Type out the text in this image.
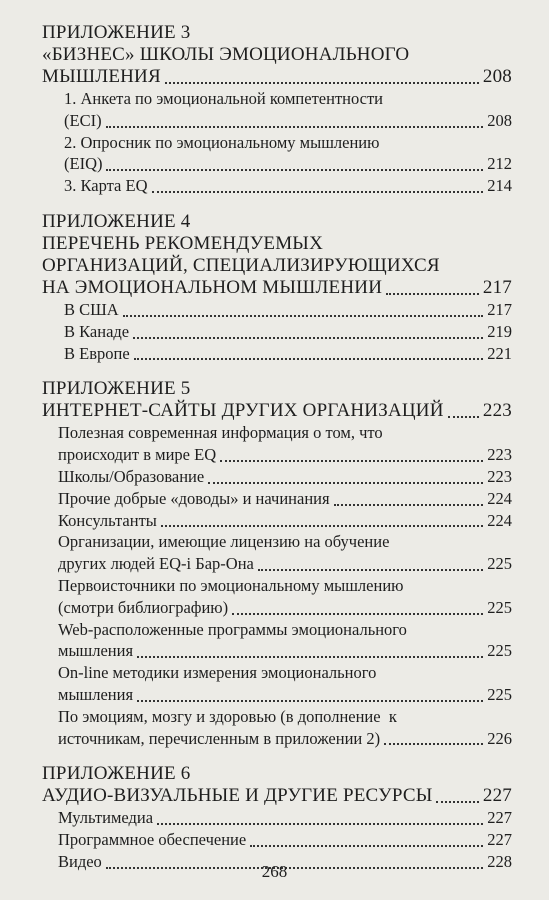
ПРИЛОЖЕНИЕ 3
«БИЗНЕС» ШКОЛЫ ЭМОЦИОНАЛЬНОГО
МЫШЛЕНИЯ	208
1. Анкета по эмоциональной компетентности
(ECI)	208
2. Опросник по эмоциональному мышлению
(EIQ)	212
3. Карта EQ	214
ПРИЛОЖЕНИЕ 4
ПЕРЕЧЕНЬ РЕКОМЕНДУЕМЫХ
ОРГАНИЗАЦИЙ, СПЕЦИАЛИЗИРУЮЩИХСЯ
НА ЭМОЦИОНАЛЬНОМ МЫШЛЕНИИ	217
В США	217
В Канаде	219
В Европе	221
ПРИЛОЖЕНИЕ 5
ИНТЕРНЕТ-САЙТЫ ДРУГИХ ОРГАНИЗАЦИЙ 223
Полезная современная информация о том, что
происходит в мире EQ	223
Школы/Образование	223
Прочие добрые «доводы» и начинания	224
Консультанты	224
Организации, имеющие лицензию на обучение
других людей EQ-i Бар-Она	225
Первоисточники по эмоциональному мышлению
(смотри библиографию)	225
Web-расположенные программы эмоционального
мышления	225
On-line методики измерения эмоционального
мышления	225
По эмоциям, мозгу и здоровью (в дополнение  к
источникам, перечисленным в приложении 2)	226
ПРИЛОЖЕНИЕ 6
АУДИО-ВИЗУАЛЬНЫЕ И ДРУГИЕ РЕСУРСЫ	227
Мультимедиа	227
Программное обеспечение	227
Видео	228
268
